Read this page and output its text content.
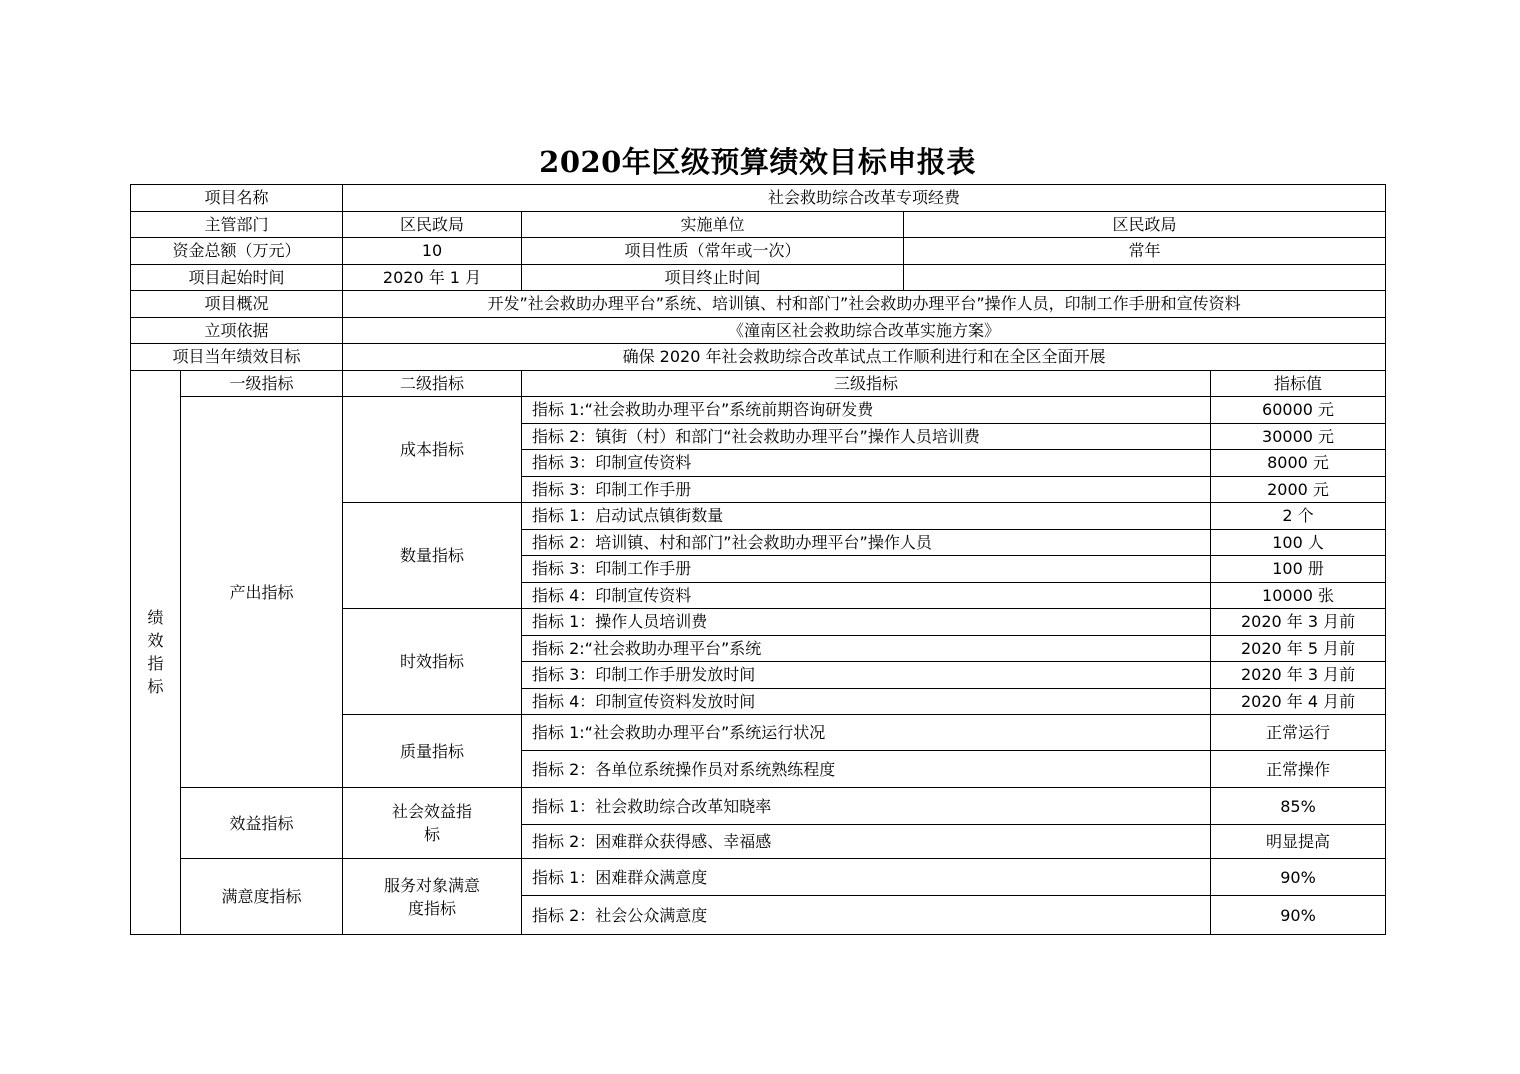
2020年区级预算绩效目标申报表
项目名称		社会救助综合改革专项经费			
主管部门		区民政局	实施单位	区民政局	
资金总额（万元）		10	项目性质（常年或一次）	常年	
项目起始时间		2020 年 1 月	项目终止时间		
项目概况		开发”社会救助办理平台”系统、培训镇、村和部门”社会救助办理平台”操作人员，印制工作手册和宣传资料			
立项依据		《潼南区社会救助综合改革实施方案》			
项目当年绩效目标		确保 2020 年社会救助综合改革试点工作顺利进行和在全区全面开展			
绩效指标	一级指标	二级指标	三级指标		指标值
	产出指标	成本指标	指标 1:“社会救助办理平台”系统前期咨询研发费		60000 元
			指标 2：镇街（村）和部门“社会救助办理平台”操作人员培训费		30000 元
			指标 3：印制宣传资料		8000 元
			指标 3：印制工作手册		2000 元
		数量指标	指标 1：启动试点镇街数量		2 个
			指标 2：培训镇、村和部门”社会救助办理平台”操作人员		100 人
			指标 3：印制工作手册		100 册
			指标 4：印制宣传资料		10000 张
		时效指标	指标 1：操作人员培训费		2020 年 3 月前
			指标 2:“社会救助办理平台”系统		2020 年 5 月前
			指标 3：印制工作手册发放时间		2020 年 3 月前
			指标 4：印制宣传资料发放时间		2020 年 4 月前
		质量指标	指标 1:“社会救助办理平台”系统运行状况		正常运行
			指标 2：各单位系统操作员对系统熟练程度		正常操作
	效益指标	社会效益指标	指标 1：社会救助综合改革知晓率		85%
			指标 2：困难群众获得感、幸福感		明显提高
	满意度指标	服务对象满意度指标	指标 1：困难群众满意度		90%
			指标 2：社会公众满意度		90%
